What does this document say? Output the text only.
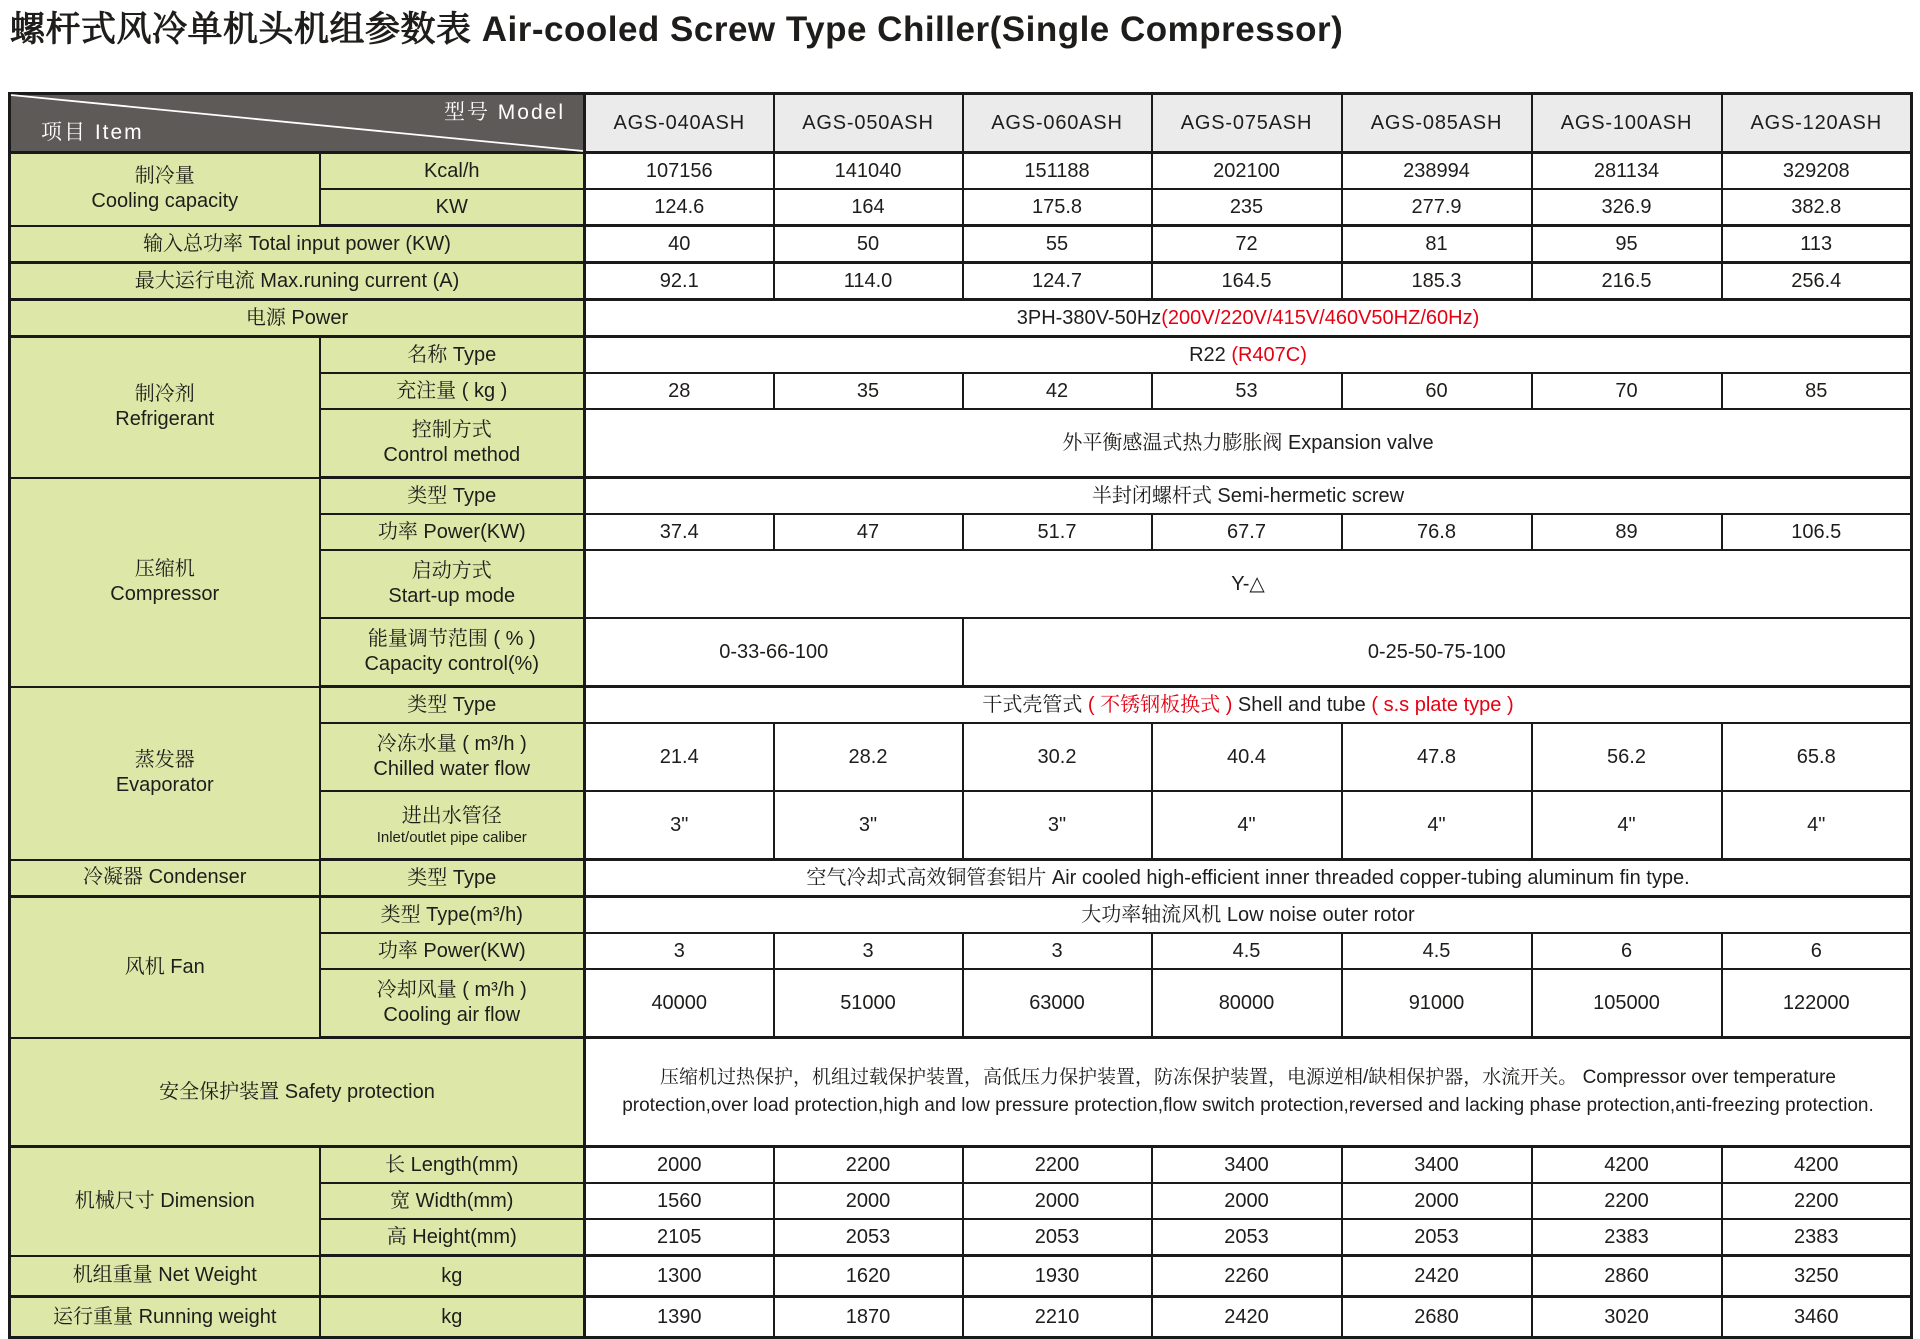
螺杆式风冷单机头机组参数表 Air-cooled Screw Type Chiller(Single Compressor)
型号 Model
项目 Item		AGS-040ASH	AGS-050ASH	AGS-060ASH	AGS-075ASH	AGS-085ASH	AGS-100ASH	AGS-120ASH

制冷量
Cooling capacity	Kcal/h	107156	141040	151188	202100	238994	281134	329208
	KW	124.6	164	175.8	235	277.9	326.9	382.8
输入总功率 Total input power (KW)		40	50	55	72	81	95	113
最大运行电流 Max.runing current (A)		92.1	114.0	124.7	164.5	185.3	216.5	256.4
电源 Power		3PH-380V-50Hz(200V/220V/415V/460V50HZ/60Hz)						

制冷剂
Refrigerant	名称 Type	R22 (R407C)						
	充注量 ( kg )	28	35	42	53	60	70	85

	控制方式
Control method	外平衡感温式热力膨胀阀 Expansion valve						

压缩机
Compressor	类型 Type	半封闭螺杆式 Semi-hermetic screw						
	功率 Power(KW)	37.4	47	51.7	67.7	76.8	89	106.5

	启动方式
Start-up mode	Y-△						

	能量调节范围 ( % )
Capacity control(%)	0-33-66-100		0-25-50-75-100				

蒸发器
Evaporator	类型 Type	干式壳管式 ( 不锈钢板换式 ) Shell and tube ( s.s plate type )						

	冷冻水量 ( m³/h )
Chilled water flow	21.4	28.2	30.2	40.4	47.8	56.2	65.8

	进出水管径
Inlet/outlet pipe caliber	3"	3"	3"	4"	4"	4"	4"
冷凝器 Condenser	类型 Type	空气冷却式高效铜管套铝片 Air cooled high-efficient inner threaded copper-tubing aluminum fin type.						
风机 Fan	类型 Type(m³/h)	大功率轴流风机 Low noise outer rotor						
	功率 Power(KW)	3	3	3	4.5	4.5	6	6

	冷却风量 ( m³/h )
Cooling air flow	40000	51000	63000	80000	91000	105000	122000
安全保护装置 Safety protection		压缩机过热保护，机组过载保护装置，高低压力保护装置，防冻保护装置，电源逆相/缺相保护器，水流开关。 Compressor over temperature protection,over load protection,high and low pressure protection,flow switch protection,reversed and lacking phase protection,anti-freezing protection.						
机械尺寸 Dimension	长 Length(mm)	2000	2200	2200	3400	3400	4200	4200
	宽 Width(mm)	1560	2000	2000	2000	2000	2200	2200
	高 Height(mm)	2105	2053	2053	2053	2053	2383	2383
机组重量 Net Weight	kg	1300	1620	1930	2260	2420	2860	3250
运行重量 Running weight	kg	1390	1870	2210	2420	2680	3020	3460
